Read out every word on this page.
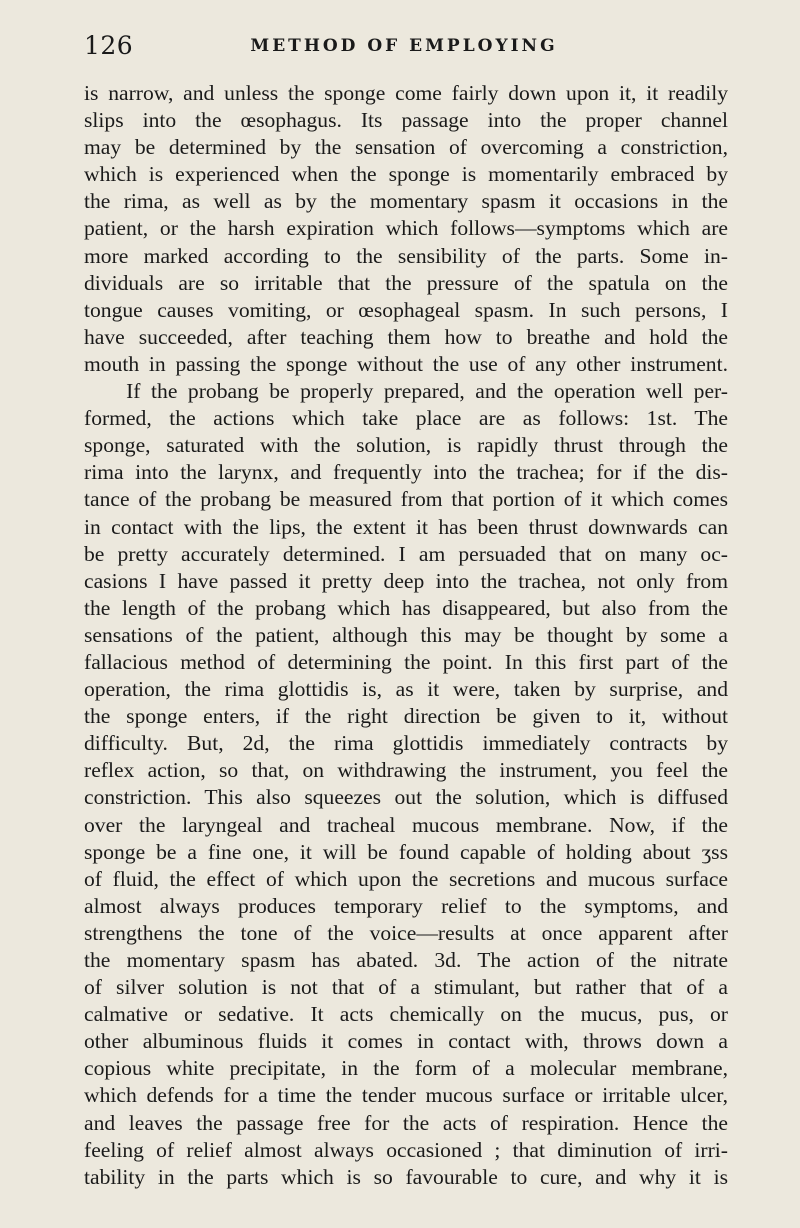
126	METHOD OF EMPLOYING
is narrow, and unless the sponge come fairly down upon it, it readily
slips into the œsophagus. Its passage into the proper channel
may be determined by the sensation of overcoming a constriction,
which is experienced when the sponge is momentarily embraced by
the rima, as well as by the momentary spasm it occasions in the
patient, or the harsh expiration which follows—symptoms which are
more marked according to the sensibility of the parts. Some in-
dividuals are so irritable that the pressure of the spatula on the
tongue causes vomiting, or œsophageal spasm. In such persons, I
have succeeded, after teaching them how to breathe and hold the
mouth in passing the sponge without the use of any other instrument.
If the probang be properly prepared, and the operation well per-
formed, the actions which take place are as follows: 1st. The
sponge, saturated with the solution, is rapidly thrust through the
rima into the larynx, and frequently into the trachea; for if the dis-
tance of the probang be measured from that portion of it which comes
in contact with the lips, the extent it has been thrust downwards can
be pretty accurately determined. I am persuaded that on many oc-
casions I have passed it pretty deep into the trachea, not only from
the length of the probang which has disappeared, but also from the
sensations of the patient, although this may be thought by some a
fallacious method of determining the point. In this first part of the
operation, the rima glottidis is, as it were, taken by surprise, and
the sponge enters, if the right direction be given to it, without
difficulty. But, 2d, the rima glottidis immediately contracts by
reflex action, so that, on withdrawing the instrument, you feel the
constriction. This also squeezes out the solution, which is diffused
over the laryngeal and tracheal mucous membrane. Now, if the
sponge be a fine one, it will be found capable of holding about ʒss
of fluid, the effect of which upon the secretions and mucous surface
almost always produces temporary relief to the symptoms, and
strengthens the tone of the voice—results at once apparent after
the momentary spasm has abated. 3d. The action of the nitrate
of silver solution is not that of a stimulant, but rather that of a
calmative or sedative. It acts chemically on the mucus, pus, or
other albuminous fluids it comes in contact with, throws down a
copious white precipitate, in the form of a molecular membrane,
which defends for a time the tender mucous surface or irritable ulcer,
and leaves the passage free for the acts of respiration. Hence the
feeling of relief almost always occasioned ; that diminution of irri-
tability in the parts which is so favourable to cure, and why it is
